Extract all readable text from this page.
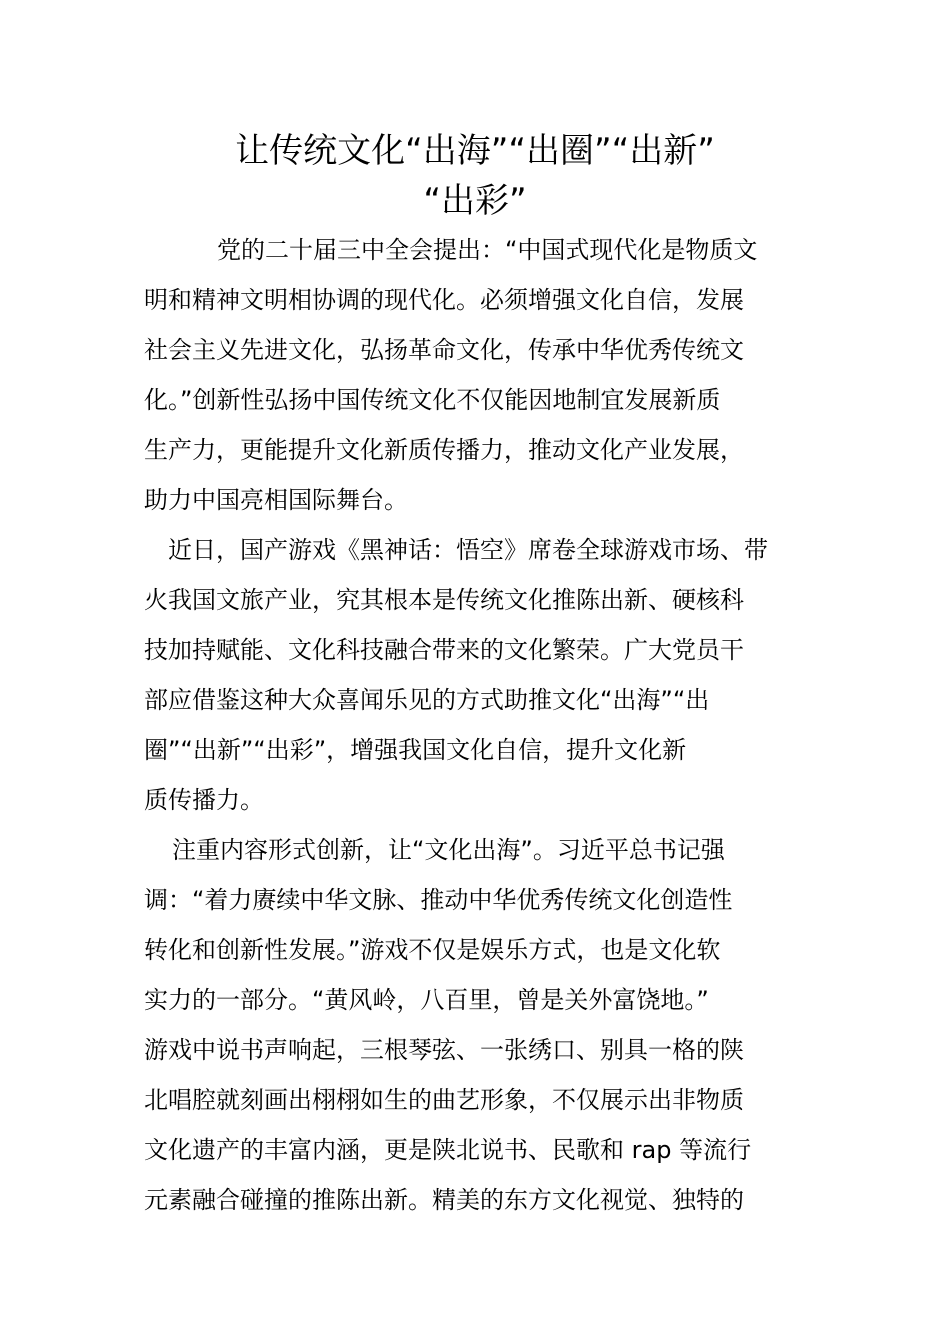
让传统文化“出海”“出圈”“出新”
“出彩”
党的二十届三中全会提出：“中国式现代化是物质文
明和精神文明相协调的现代化。必须增强文化自信，发展
社会主义先进文化，弘扬革命文化，传承中华优秀传统文
化。”创新性弘扬中国传统文化不仅能因地制宜发展新质
生产力，更能提升文化新质传播力，推动文化产业发展，
助力中国亮相国际舞台。
近日，国产游戏《黑神话：悟空》席卷全球游戏市场、带
火我国文旅产业，究其根本是传统文化推陈出新、硬核科
技加持赋能、文化科技融合带来的文化繁荣。广大党员干
部应借鉴这种大众喜闻乐见的方式助推文化“出海”“出
圈”“出新”“出彩”，增强我国文化自信，提升文化新
质传播力。
注重内容形式创新，让“文化出海”。习近平总书记强
调：“着力赓续中华文脉、推动中华优秀传统文化创造性
转化和创新性发展。”游戏不仅是娱乐方式，也是文化软
实力的一部分。“黄风岭，八百里，曾是关外富饶地。”
游戏中说书声响起，三根琴弦、一张绣口、别具一格的陕
北唱腔就刻画出栩栩如生的曲艺形象，不仅展示出非物质
文化遗产的丰富内涵，更是陕北说书、民歌和 rap 等流行
元素融合碰撞的推陈出新。精美的东方文化视觉、独特的
